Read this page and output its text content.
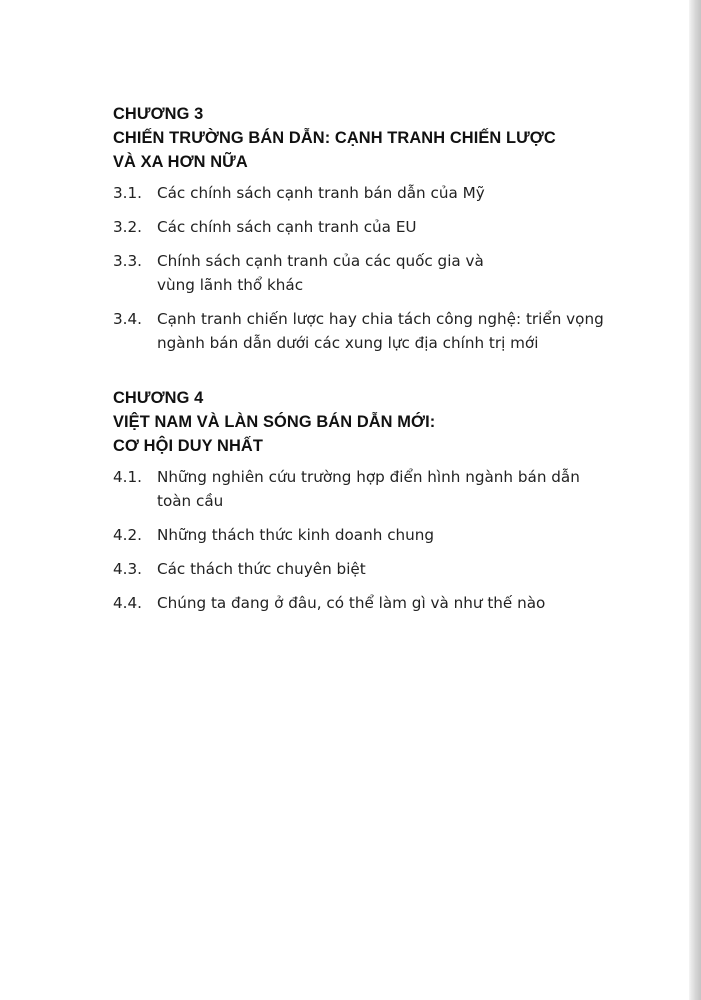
CHƯƠNG 3
CHIẾN TRƯỜNG BÁN DẪN: CẠNH TRANH CHIẾN LƯỢC
VÀ XA HƠN NỮA
3.1. Các chính sách cạnh tranh bán dẫn của Mỹ
3.2. Các chính sách cạnh tranh của EU
3.3. Chính sách cạnh tranh của các quốc gia và
vùng lãnh thổ khác
3.4. Cạnh tranh chiến lược hay chia tách công nghệ: triển vọng
ngành bán dẫn dưới các xung lực địa chính trị mới
CHƯƠNG 4
VIỆT NAM VÀ LÀN SÓNG BÁN DẪN MỚI:
CƠ HỘI DUY NHẤT
4.1. Những nghiên cứu trường hợp điển hình ngành bán dẫn
toàn cầu
4.2. Những thách thức kinh doanh chung
4.3. Các thách thức chuyên biệt
4.4. Chúng ta đang ở đâu, có thể làm gì và như thế nào
